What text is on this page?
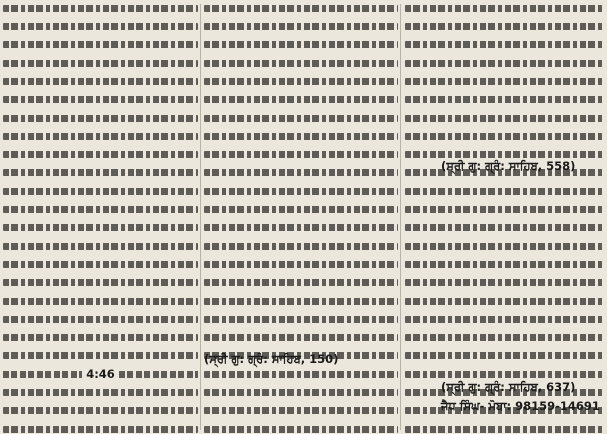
4:46
(ਸ੍ਰੀ ਗੁ: ਗ੍ਰੰ: ਸਾਹਿਬ, 150)
(ਸ੍ਰੀ ਗੁ: ਗ੍ਰੰ: ਸਾਹਿਬ, 558)
(ਸ੍ਰੀ ਗੁ: ਗ੍ਰੰ: ਸਾਹਿਬ, 637)
ਜੈਧ ਸਿੰਘ- ਮੋਬਾ: 98159-14691
